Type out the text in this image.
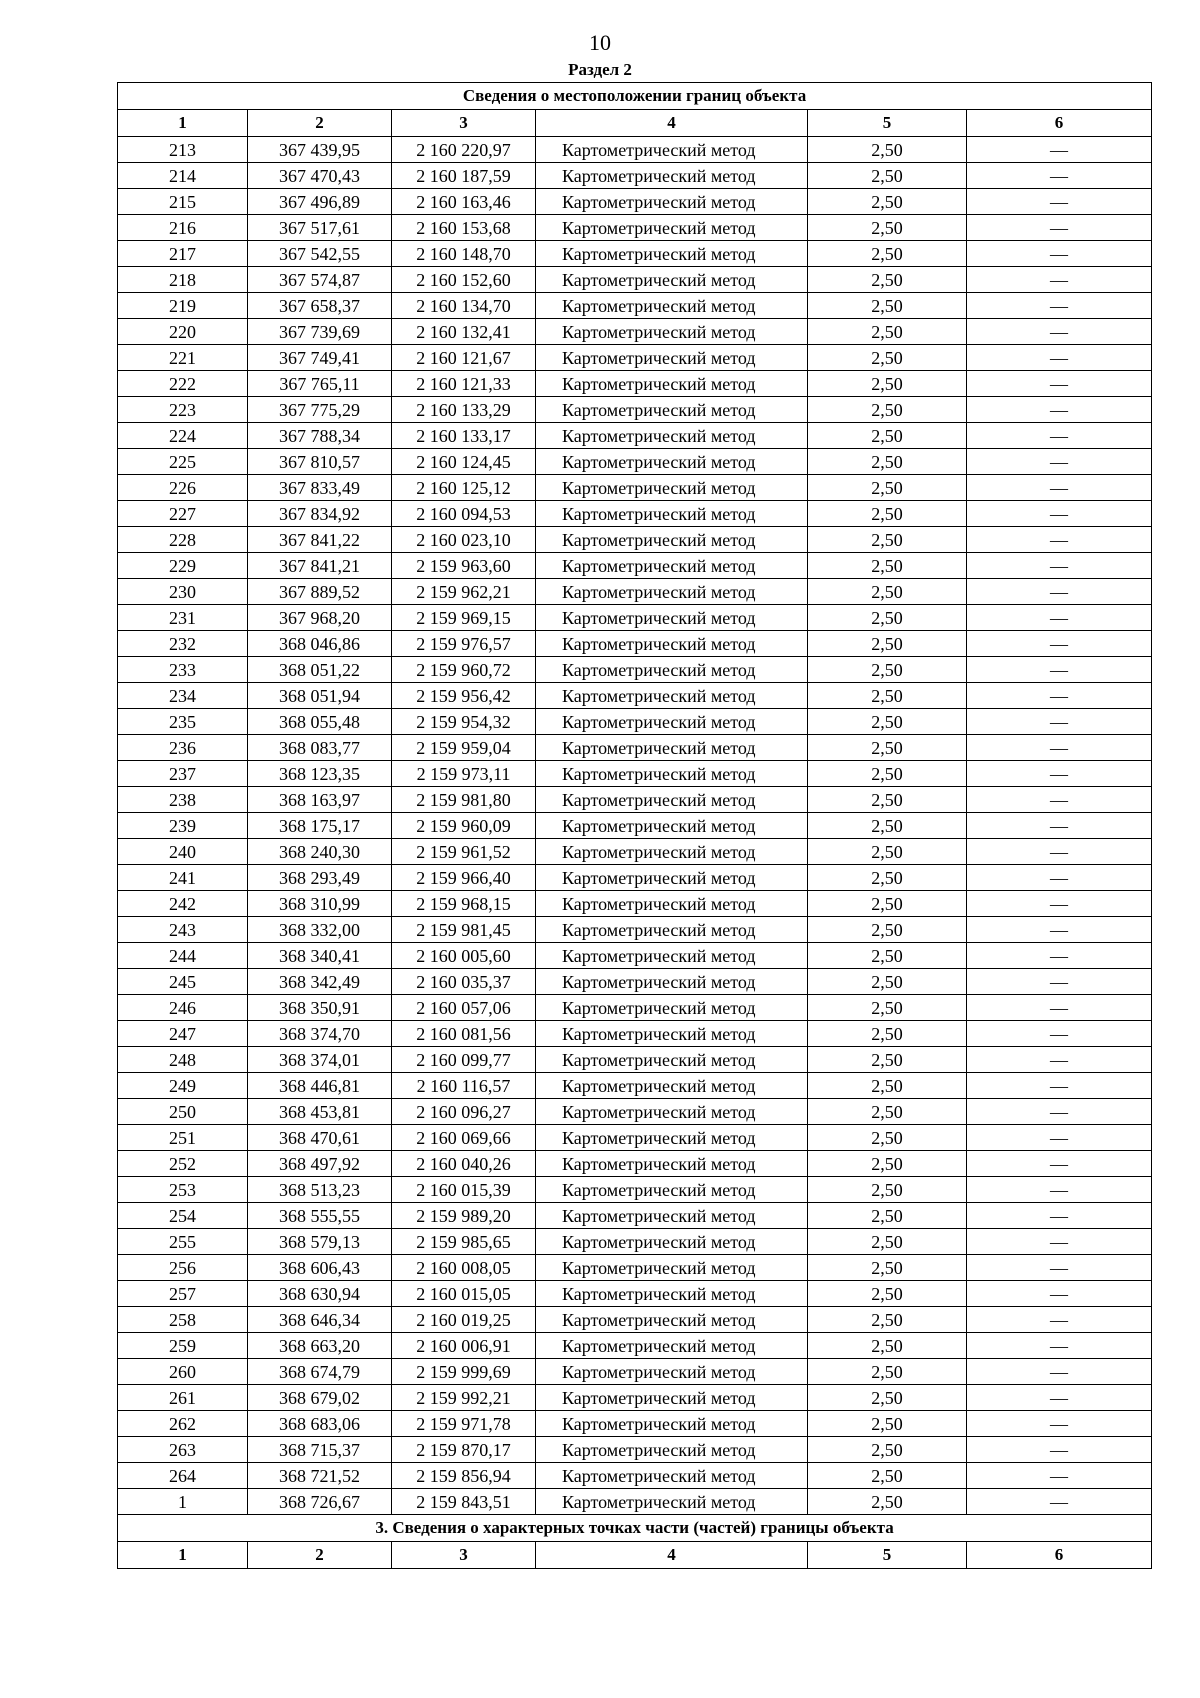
10
Раздел 2
Сведения о местоположении границ объекта					
1	2	3	4	5	6
213	367 439,95	2 160 220,97	Картометрический метод	2,50	—
214	367 470,43	2 160 187,59	Картометрический метод	2,50	—
215	367 496,89	2 160 163,46	Картометрический метод	2,50	—
216	367 517,61	2 160 153,68	Картометрический метод	2,50	—
217	367 542,55	2 160 148,70	Картометрический метод	2,50	—
218	367 574,87	2 160 152,60	Картометрический метод	2,50	—
219	367 658,37	2 160 134,70	Картометрический метод	2,50	—
220	367 739,69	2 160 132,41	Картометрический метод	2,50	—
221	367 749,41	2 160 121,67	Картометрический метод	2,50	—
222	367 765,11	2 160 121,33	Картометрический метод	2,50	—
223	367 775,29	2 160 133,29	Картометрический метод	2,50	—
224	367 788,34	2 160 133,17	Картометрический метод	2,50	—
225	367 810,57	2 160 124,45	Картометрический метод	2,50	—
226	367 833,49	2 160 125,12	Картометрический метод	2,50	—
227	367 834,92	2 160 094,53	Картометрический метод	2,50	—
228	367 841,22	2 160 023,10	Картометрический метод	2,50	—
229	367 841,21	2 159 963,60	Картометрический метод	2,50	—
230	367 889,52	2 159 962,21	Картометрический метод	2,50	—
231	367 968,20	2 159 969,15	Картометрический метод	2,50	—
232	368 046,86	2 159 976,57	Картометрический метод	2,50	—
233	368 051,22	2 159 960,72	Картометрический метод	2,50	—
234	368 051,94	2 159 956,42	Картометрический метод	2,50	—
235	368 055,48	2 159 954,32	Картометрический метод	2,50	—
236	368 083,77	2 159 959,04	Картометрический метод	2,50	—
237	368 123,35	2 159 973,11	Картометрический метод	2,50	—
238	368 163,97	2 159 981,80	Картометрический метод	2,50	—
239	368 175,17	2 159 960,09	Картометрический метод	2,50	—
240	368 240,30	2 159 961,52	Картометрический метод	2,50	—
241	368 293,49	2 159 966,40	Картометрический метод	2,50	—
242	368 310,99	2 159 968,15	Картометрический метод	2,50	—
243	368 332,00	2 159 981,45	Картометрический метод	2,50	—
244	368 340,41	2 160 005,60	Картометрический метод	2,50	—
245	368 342,49	2 160 035,37	Картометрический метод	2,50	—
246	368 350,91	2 160 057,06	Картометрический метод	2,50	—
247	368 374,70	2 160 081,56	Картометрический метод	2,50	—
248	368 374,01	2 160 099,77	Картометрический метод	2,50	—
249	368 446,81	2 160 116,57	Картометрический метод	2,50	—
250	368 453,81	2 160 096,27	Картометрический метод	2,50	—
251	368 470,61	2 160 069,66	Картометрический метод	2,50	—
252	368 497,92	2 160 040,26	Картометрический метод	2,50	—
253	368 513,23	2 160 015,39	Картометрический метод	2,50	—
254	368 555,55	2 159 989,20	Картометрический метод	2,50	—
255	368 579,13	2 159 985,65	Картометрический метод	2,50	—
256	368 606,43	2 160 008,05	Картометрический метод	2,50	—
257	368 630,94	2 160 015,05	Картометрический метод	2,50	—
258	368 646,34	2 160 019,25	Картометрический метод	2,50	—
259	368 663,20	2 160 006,91	Картометрический метод	2,50	—
260	368 674,79	2 159 999,69	Картометрический метод	2,50	—
261	368 679,02	2 159 992,21	Картометрический метод	2,50	—
262	368 683,06	2 159 971,78	Картометрический метод	2,50	—
263	368 715,37	2 159 870,17	Картометрический метод	2,50	—
264	368 721,52	2 159 856,94	Картометрический метод	2,50	—
1	368 726,67	2 159 843,51	Картометрический метод	2,50	—
3. Сведения о характерных точках части (частей) границы объекта					
1	2	3	4	5	6
